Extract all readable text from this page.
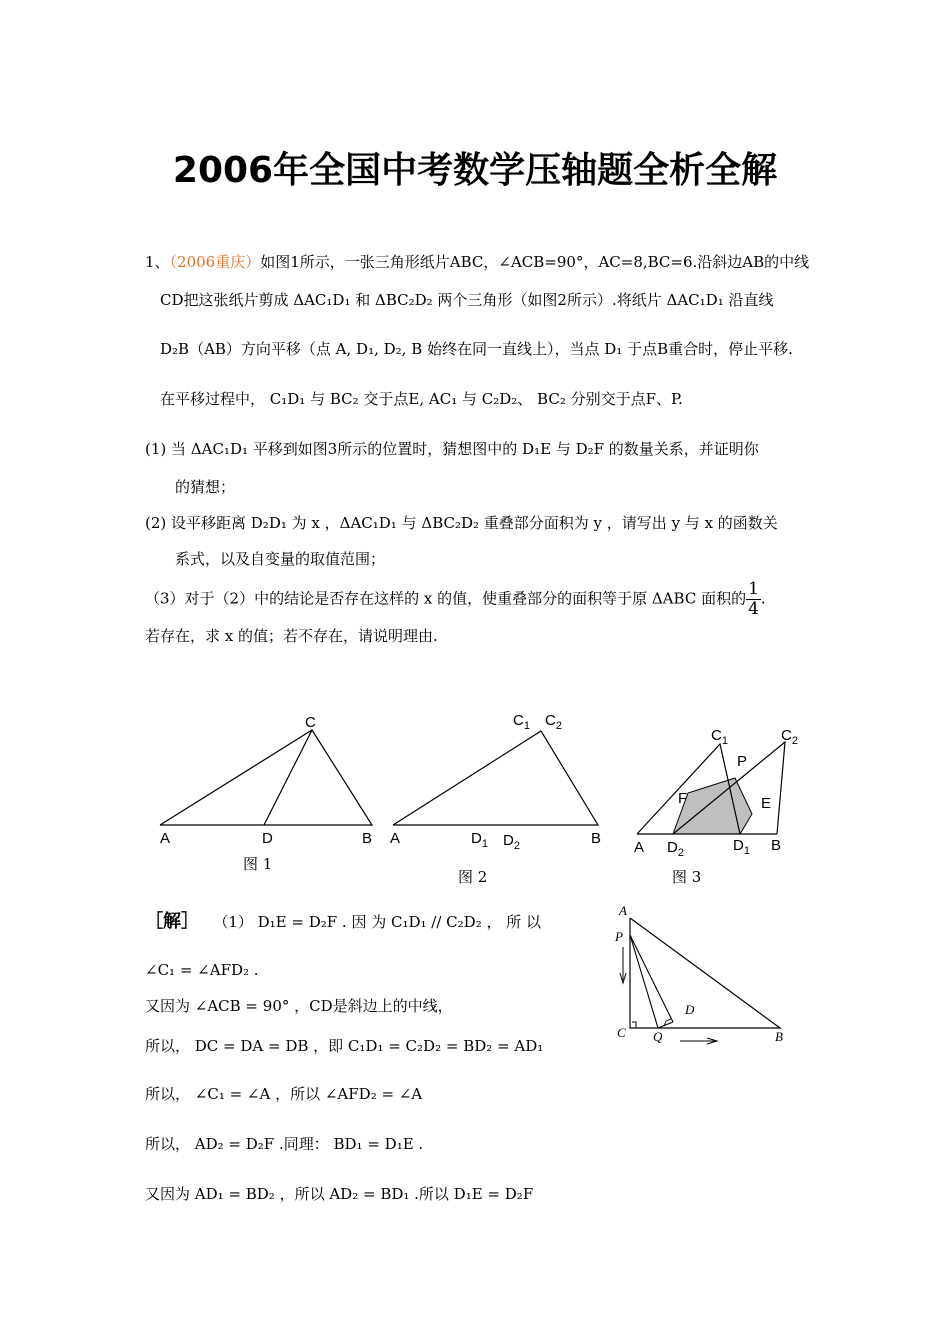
2006年全国中考数学压轴题全析全解
1、（2006重庆）如图1所示，一张三角形纸片ABC，∠ACB=90°，AC=8,BC=6.沿斜边AB的中线
CD把这张纸片剪成 ΔAC₁D₁ 和 ΔBC₂D₂ 两个三角形（如图2所示）.将纸片 ΔAC₁D₁ 沿直线
D₂B（AB）方向平移（点 A, D₁, D₂, B 始终在同一直线上），当点 D₁ 于点B重合时，停止平移.
在平移过程中， C₁D₁ 与 BC₂ 交于点E, AC₁ 与 C₂D₂、 BC₂ 分别交于点F、P.
(1) 当 ΔAC₁D₁ 平移到如图3所示的位置时，猜想图中的 D₁E 与 D₂F 的数量关系，并证明你
的猜想；
(2) 设平移距离 D₂D₁ 为 x ，ΔAC₁D₁ 与 ΔBC₂D₂ 重叠部分面积为 y ，请写出 y 与 x 的函数关
系式，以及自变量的取值范围；
（3）对于（2）中的结论是否存在这样的 x 的值，使重叠部分的面积等于原 ΔABC 面积的 $\frac{1}{4}$ .
若存在，求 x 的值；若不存在，请说明理由.
C
A	D	B
图 1
$C_1$ $C_2$
A	$D_1$ $D_2$	B
图 2
$C_1$	$C_2$
P
F	E
A $D_2$	$D_1$ B
图 3
A
P
D
C Q	B
［解］ （1） D₁E = D₂F . 因 为 C₁D₁ // C₂D₂ ， 所 以
∠C₁ = ∠AFD₂ .
又因为 ∠ACB = 90° ，CD是斜边上的中线，
所以， DC = DA = DB ，即 C₁D₁ = C₂D₂ = BD₂ = AD₁
所以， ∠C₁ = ∠A ，所以 ∠AFD₂ = ∠A
所以， AD₂ = D₂F .同理： BD₁ = D₁E .
又因为 AD₁ = BD₂ ，所以 AD₂ = BD₁ .所以 D₁E = D₂F
